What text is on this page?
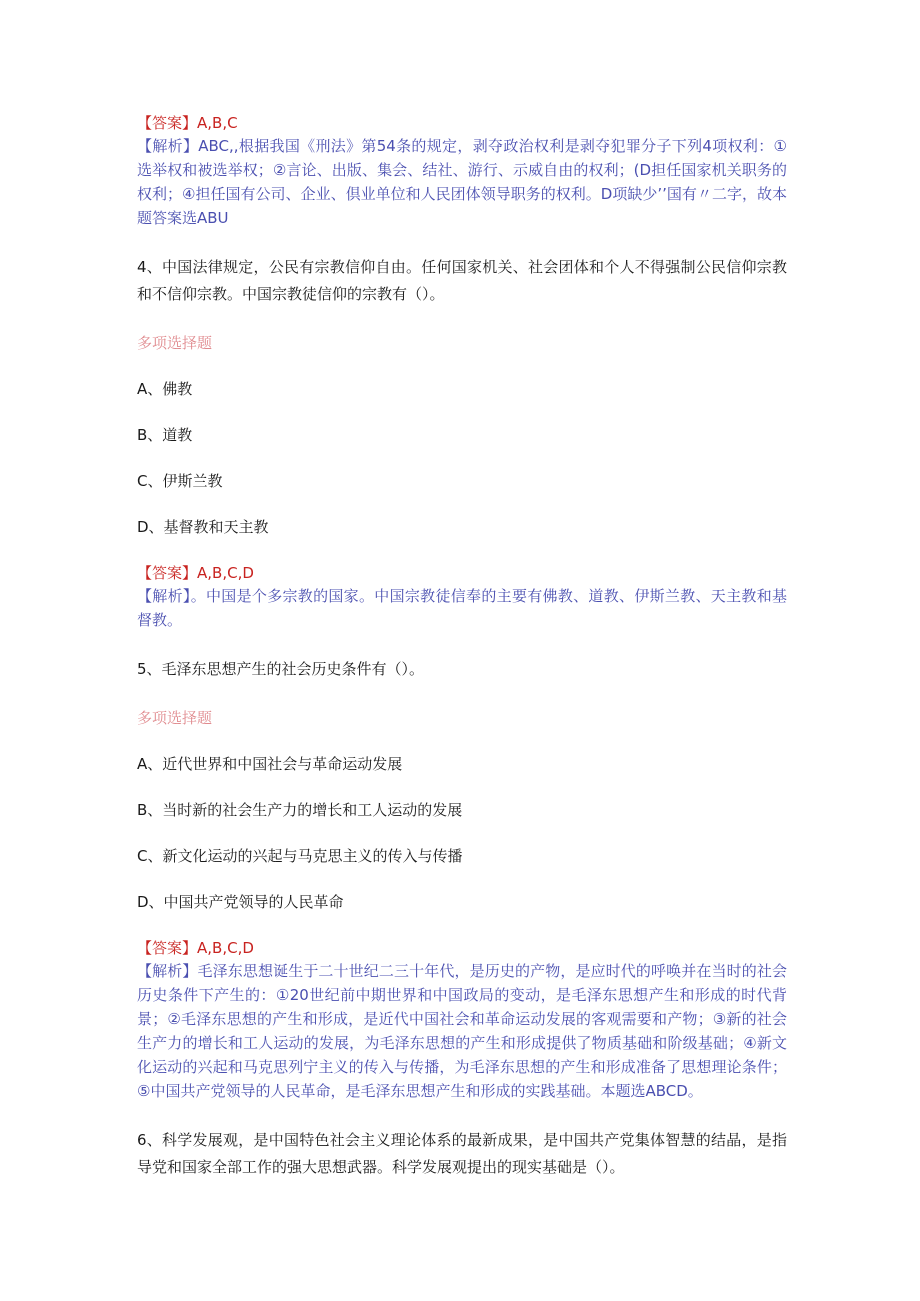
【答案】A,B,C

【解析】ABC,,根据我国《刑法》第54条的规定，剥夺政治权利是剥夺犯罪分子下列4项权利：①选举权和被选举权；②言论、出版、集会、结社、游行、示威自由的权利；(D担任国家机关职务的权利；④担任国有公司、企业、倶业单位和人民团体领导职务的权利。D项缺少’’国有〃二字，故本题答案选ABU

4、中国法律规定，公民有宗教信仰自由。任何国家机关、社会团体和个人不得强制公民信仰宗教和不信仰宗教。中国宗教徒信仰的宗教有（）。

多项选择题

A、佛教

B、道教

C、伊斯兰教

D、基督教和天主教

【答案】A,B,C,D

【解析】。中国是个多宗教的国家。中国宗教徒信奉的主要有佛教、道教、伊斯兰教、天主教和基督教。

5、毛泽东思想产生的社会历史条件有（）。

多项选择题

A、近代世界和中国社会与革命运动发展

B、当时新的社会生产力的增长和工人运动的发展

C、新文化运动的兴起与马克思主义的传入与传播

D、中国共产党领导的人民革命

【答案】A,B,C,D

【解析】毛泽东思想诞生于二十世纪二三十年代，是历史的产物，是应时代的呼唤并在当时的社会历史条件下产生的：①20世纪前中期世界和中国政局的变动，是毛泽东思想产生和形成的时代背景；②毛泽东思想的产生和形成，是近代中国社会和革命运动发展的客观需要和产物；③新的社会生产力的增长和工人运动的发展，为毛泽东思想的产生和形成提供了物质基础和阶级基础；④新文化运动的兴起和马克思列宁主义的传入与传播，为毛泽东思想的产生和形成准备了思想理论条件；⑤中国共产党领导的人民革命，是毛泽东思想产生和形成的实践基础。本题选ABCD。

6、科学发展观，是中国特色社会主义理论体系的最新成果，是中国共产党集体智慧的结晶，是指导党和国家全部工作的强大思想武器。科学发展观提出的现实基础是（）。
